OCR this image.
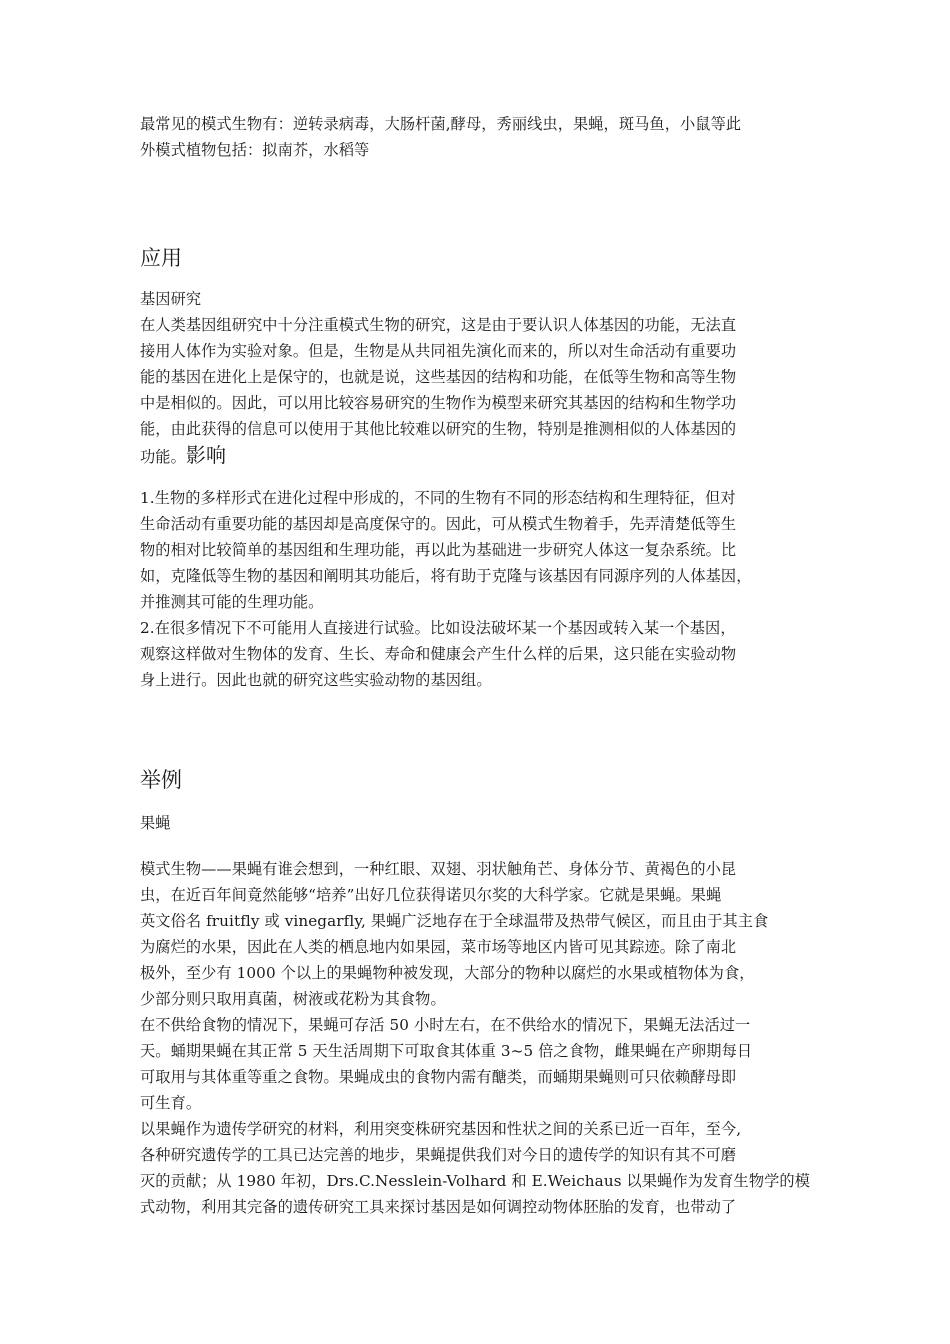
最常见的模式生物有：逆转录病毒，大肠杆菌,酵母，秀丽线虫，果蝇，斑马鱼，小鼠等此
外模式植物包括：拟南芥，水稻等
应用
基因研究
在人类基因组研究中十分注重模式生物的研究，这是由于要认识人体基因的功能，无法直
接用人体作为实验对象。但是，生物是从共同祖先演化而来的，所以对生命活动有重要功
能的基因在进化上是保守的，也就是说，这些基因的结构和功能，在低等生物和高等生物
中是相似的。因此，可以用比较容易研究的生物作为模型来研究其基因的结构和生物学功
能，由此获得的信息可以使用于其他比较难以研究的生物，特别是推测相似的人体基因的
功能。影响
1.生物的多样形式在进化过程中形成的，不同的生物有不同的形态结构和生理特征，但对
生命活动有重要功能的基因却是高度保守的。因此，可从模式生物着手，先弄清楚低等生
物的相对比较简单的基因组和生理功能，再以此为基础进一步研究人体这一复杂系统。比
如，克隆低等生物的基因和阐明其功能后，将有助于克隆与该基因有同源序列的人体基因，
并推测其可能的生理功能。
2.在很多情况下不可能用人直接进行试验。比如设法破坏某一个基因或转入某一个基因，
观察这样做对生物体的发育、生长、寿命和健康会产生什么样的后果，这只能在实验动物
身上进行。因此也就的研究这些实验动物的基因组。
举例
果蝇
模式生物——果蝇有谁会想到，一种红眼、双翅、羽状触角芒、身体分节、黄褐色的小昆
虫，在近百年间竟然能够“培养”出好几位获得诺贝尔奖的大科学家。它就是果蝇。果蝇
英文俗名 fruitfly 或 vinegarfly, 果蝇广泛地存在于全球温带及热带气候区，而且由于其主食
为腐烂的水果，因此在人类的栖息地内如果园，菜市场等地区内皆可见其踪迹。除了南北
极外，至少有 1000 个以上的果蝇物种被发现，大部分的物种以腐烂的水果或植物体为食，
少部分则只取用真菌，树液或花粉为其食物。
在不供给食物的情况下，果蝇可存活 50 小时左右，在不供给水的情况下，果蝇无法活过一
天。蛹期果蝇在其正常 5 天生活周期下可取食其体重 3~5 倍之食物，雌果蝇在产卵期每日
可取用与其体重等重之食物。果蝇成虫的食物内需有醣类，而蛹期果蝇则可只依赖酵母即
可生育。
以果蝇作为遗传学研究的材料，利用突变株研究基因和性状之间的关系已近一百年，至今,
各种研究遗传学的工具已达完善的地步，果蝇提供我们对今日的遗传学的知识有其不可磨
灭的贡献；从 1980 年初，Drs.C.Nesslein-Volhard 和 E.Weichaus 以果蝇作为发育生物学的模
式动物，利用其完备的遗传研究工具来探讨基因是如何调控动物体胚胎的发育，也带动了
